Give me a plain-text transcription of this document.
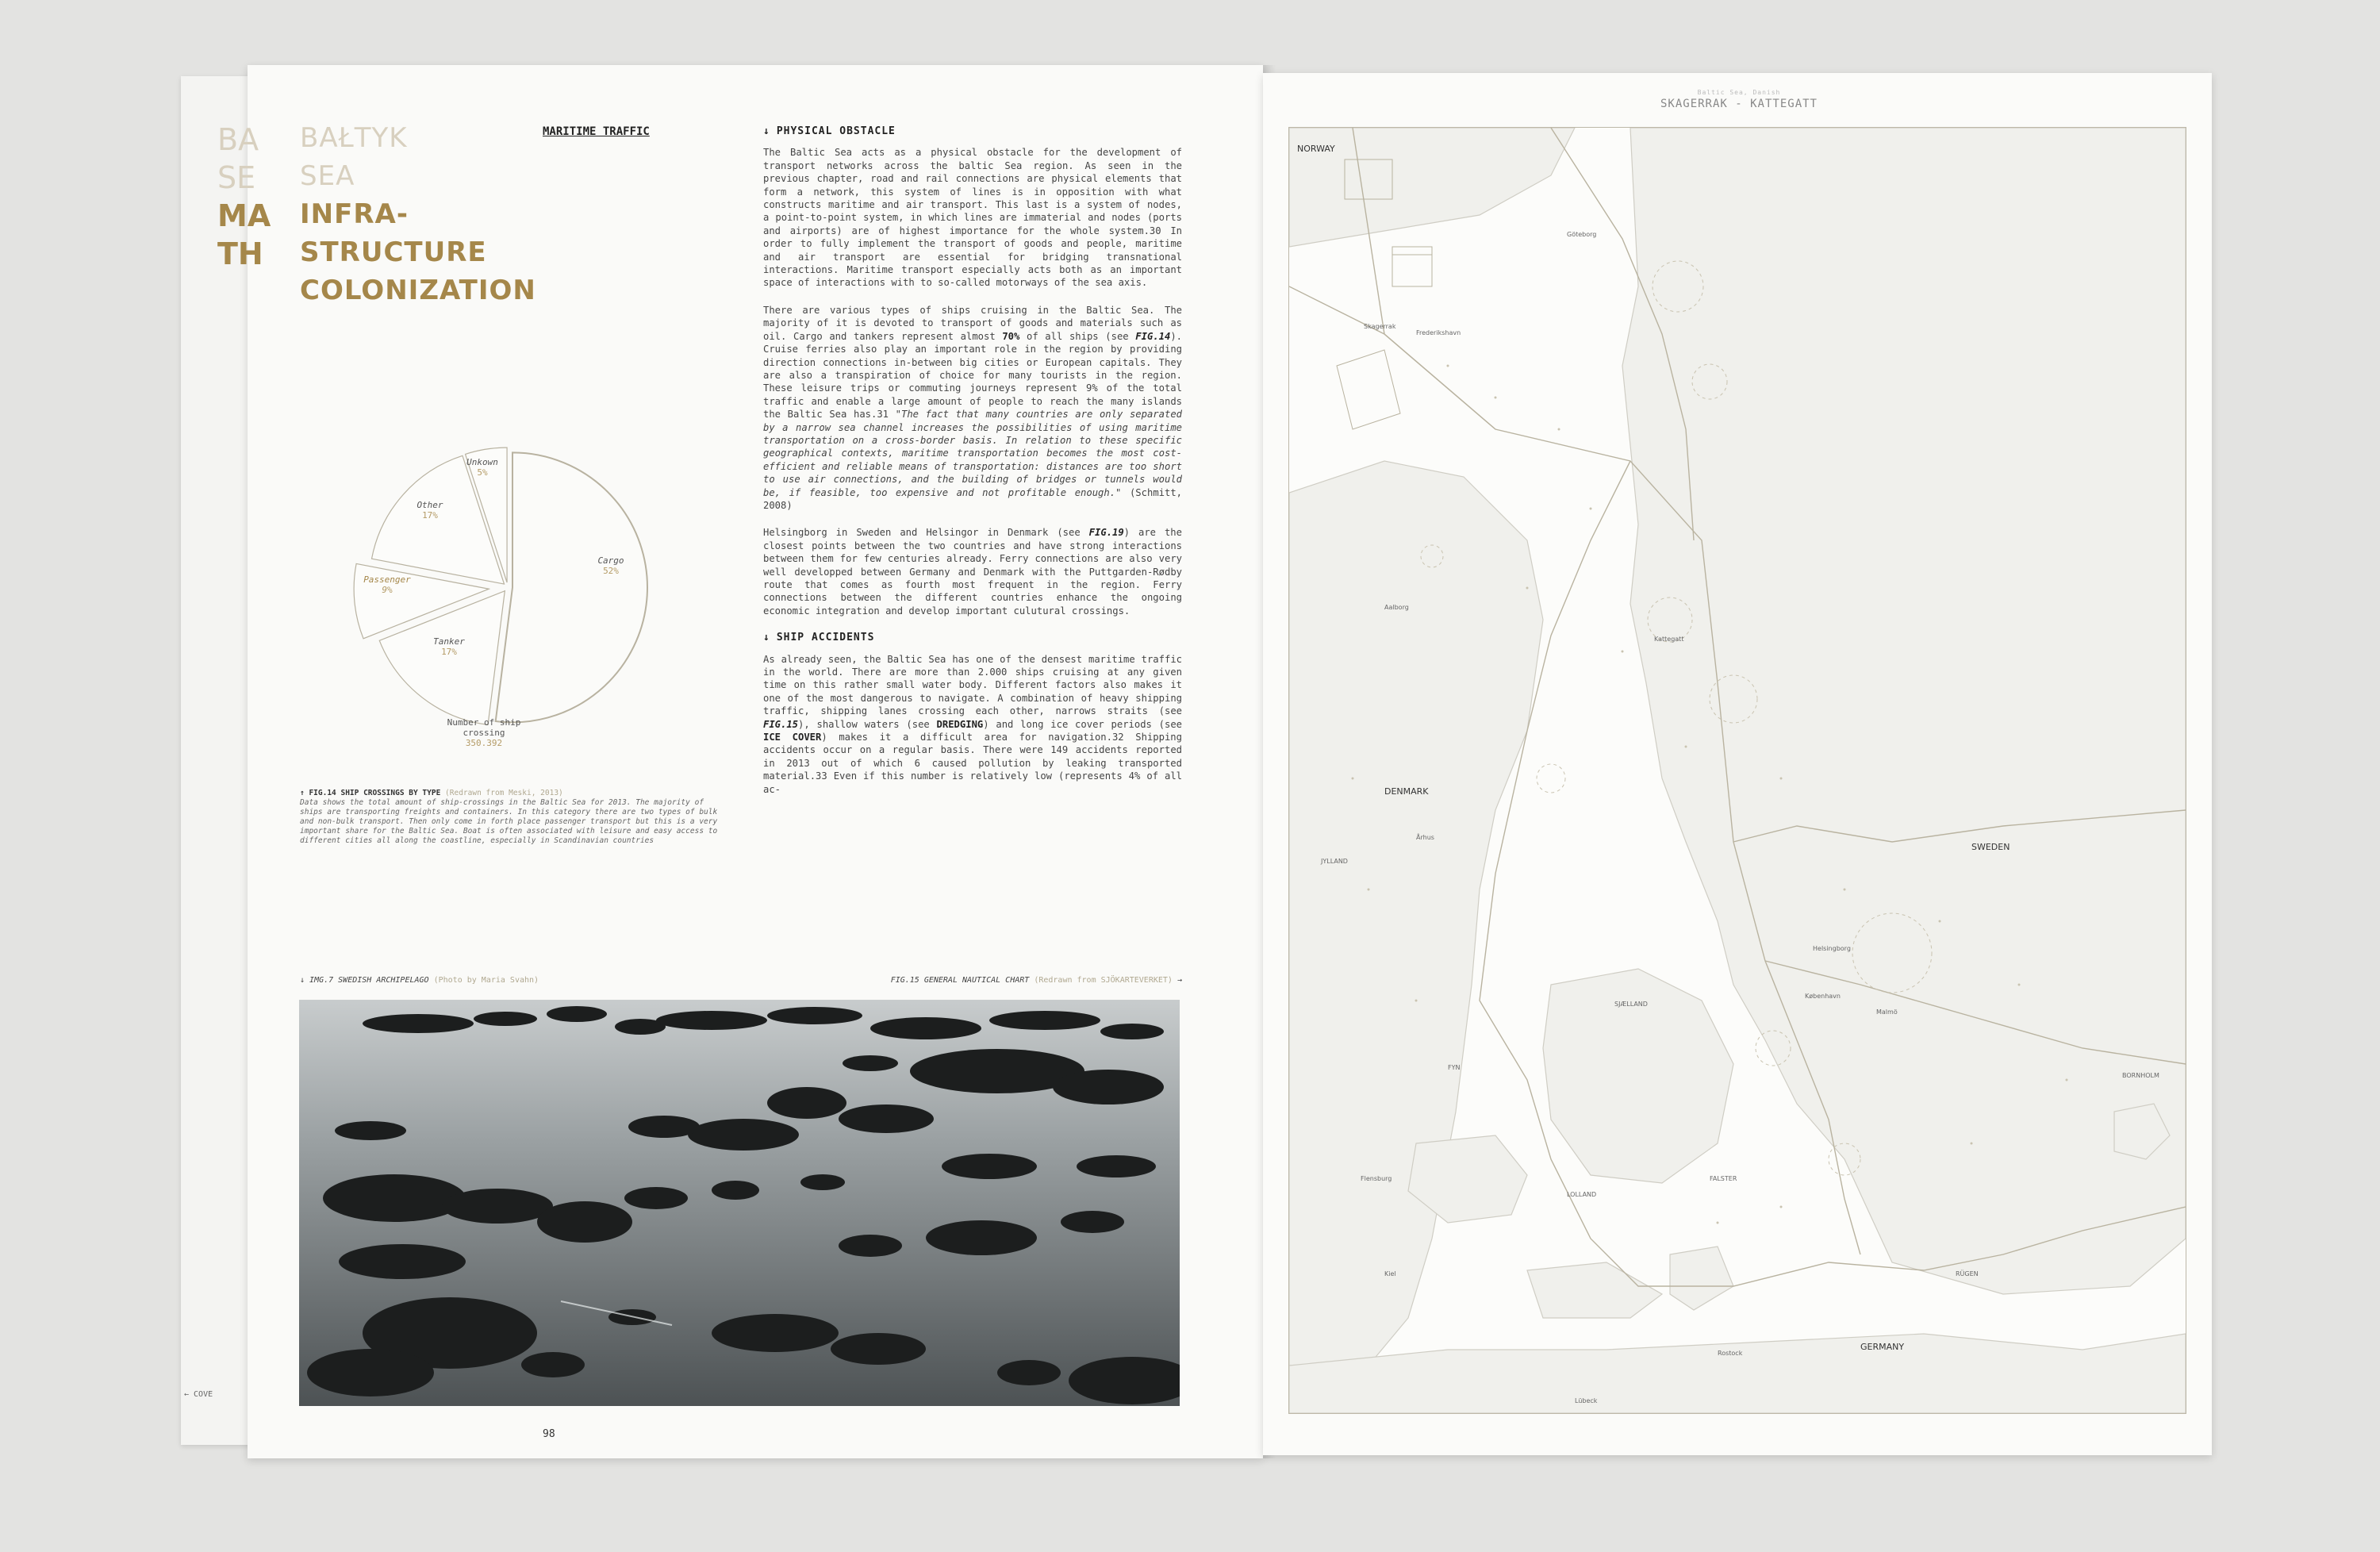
BA
SE
MA
TH
← COVE
BAŁTYK
SEA
INFRA-
STRUCTURE
COLONIZATION
MARITIME TRAFFIC
Cargo
52%
Tanker
17%
Passenger
9%
Other
17%
Unkown
5%
Number of ship crossing
350.392
↑ FIG.14 SHIP CROSSINGS BY TYPE (Redrawn from Meski, 2013)
Data shows the total amount of ship-crossings in the Baltic Sea for 2013. The majority of ships are transporting freights and containers. In this category there are two types of bulk and non-bulk transport. Then only come in forth place passenger transport but this is a very important share for the Baltic Sea. Boat is often associated with leisure and easy access to different cities all along the coastline, especially in Scandinavian countries
↓ PHYSICAL OBSTACLE

The Baltic Sea acts as a physical obstacle for the development of transport networks across the baltic Sea region. As seen in the previous chapter, road and rail connections are physical elements that form a network, this system of lines is in opposition with what constructs maritime and air transport. This last is a system of nodes, a point-to-point system, in which lines are immaterial and nodes (ports and airports) are of highest importance for the whole system.30 In order to fully implement the transport of goods and people, maritime and air transport are essential for bridging transnational interactions. Maritime transport especially acts both as an important space of interactions with to so-called motorways of the sea axis.

There are various types of ships cruising in the Baltic Sea. The majority of it is devoted to transport of goods and materials such as oil. Cargo and tankers represent almost 70% of all ships (see FIG.14). Cruise ferries also play an important role in the region by providing direction connections in-between big cities or European capitals. They are also a transpiration of choice for many tourists in the region. These leisure trips or commuting journeys represent 9% of the total traffic and enable a large amount of people to reach the many islands the Baltic Sea has.31 "The fact that many countries are only separated by a narrow sea channel increases the possibilities of using maritime transportation on a cross-border basis. In relation to these specific geographical contexts, maritime transportation becomes the most cost-efficient and reliable means of transportation: distances are too short to use air connections, and the building of bridges or tunnels would be, if feasible, too expensive and not profitable enough." (Schmitt, 2008)

Helsingborg in Sweden and Helsingor in Denmark (see FIG.19) are the closest points between the two countries and have strong interactions between them for few centuries already. Ferry connections are also very well developped between Germany and Denmark with the Puttgarden-Rødby route that comes as fourth most frequent in the region. Ferry connections between the different countries enhance the ongoing economic integration and develop important culutural crossings.

↓ SHIP ACCIDENTS

As already seen, the Baltic Sea has one of the densest maritime traffic in the world. There are more than 2.000 ships cruising at any given time on this rather small water body. Different factors also makes it one of the most dangerous to navigate. A combination of heavy shipping traffic, shipping lanes crossing each other, narrows straits (see FIG.15), shallow waters (see DREDGING) and long ice cover periods (see ICE COVER) makes it a difficult area for navigation.32 Shipping accidents occur on a regular basis. There were 149 accidents reported in 2013 out of which 6 caused pollution by leaking transported material.33 Even if this number is relatively low (represents 4% of all ac-

↓ IMG.7 SWEDISH ARCHIPELAGO (Photo by Maria Svahn)	FIG.15 GENERAL NAUTICAL CHART (Redrawn from SJÖKARTEVERKET) →
98
Baltic Sea, Danish
SKAGERRAK - KATTEGATT
NORWAY
Frederikshavn
Skagerrak
Göteborg
Aalborg
Kattegatt
DENMARK
JYLLAND
Århus
SWEDEN
Helsingborg
København
Malmö
SJÆLLAND
FYN
BORNHOLM
Flensburg
LOLLAND
FALSTER
Kiel
Rostock
RÜGEN
GERMANY
Lübeck
